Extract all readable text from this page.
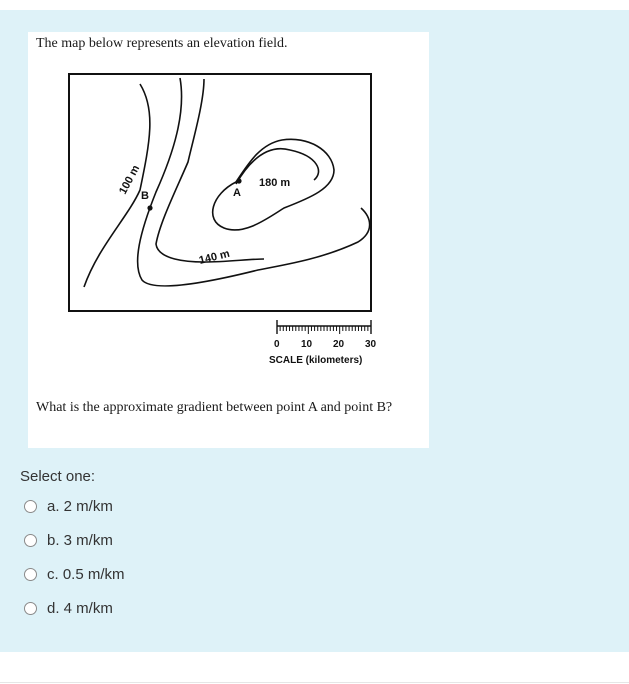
The map below represents an elevation field.
A
B
180 m
140 m
100 m
0 10 20 30
SCALE (kilometers)
What is the approximate gradient between point A and point B?
Select one:
a. 2 m/km
b. 3 m/km
c. 0.5 m/km
d. 4 m/km
